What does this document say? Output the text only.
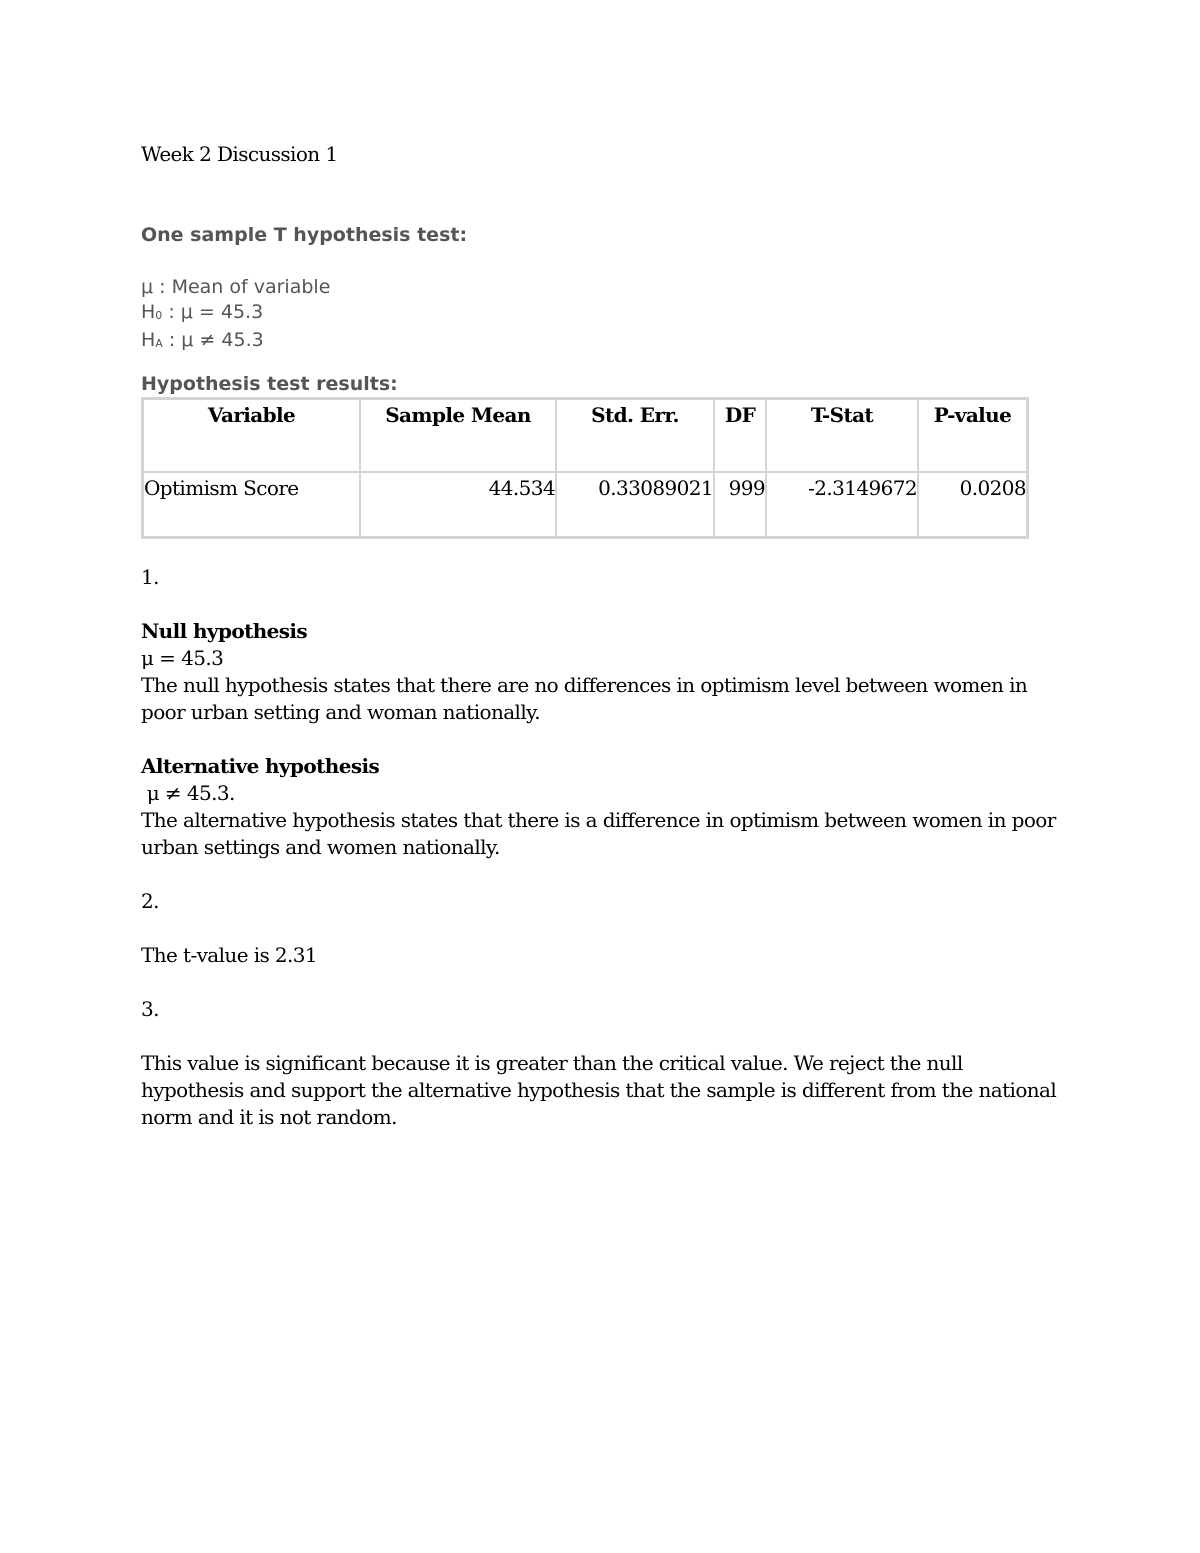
Week 2 Discussion 1
One sample T hypothesis test:
μ : Mean of variable
$H_0$ : μ = 45.3
$H_A$ : μ ≠ 45.3
Hypothesis test results:
Variable	Sample Mean	Std. Err.	DF	T-Stat	P-value
Optimism Score	44.534	0.33089021	999	-2.3149672	0.0208
1.
Null hypothesis
μ = 45.3
The null hypothesis states that there are no differences in optimism level between women in poor urban setting and woman nationally.
Alternative hypothesis
μ ≠ 45.3.
The alternative hypothesis states that there is a difference in optimism between women in poor urban settings and women nationally.
2.
The t-value is 2.31
3.
This value is significant because it is greater than the critical value. We reject the null hypothesis and support the alternative hypothesis that the sample is different from the national norm and it is not random.
